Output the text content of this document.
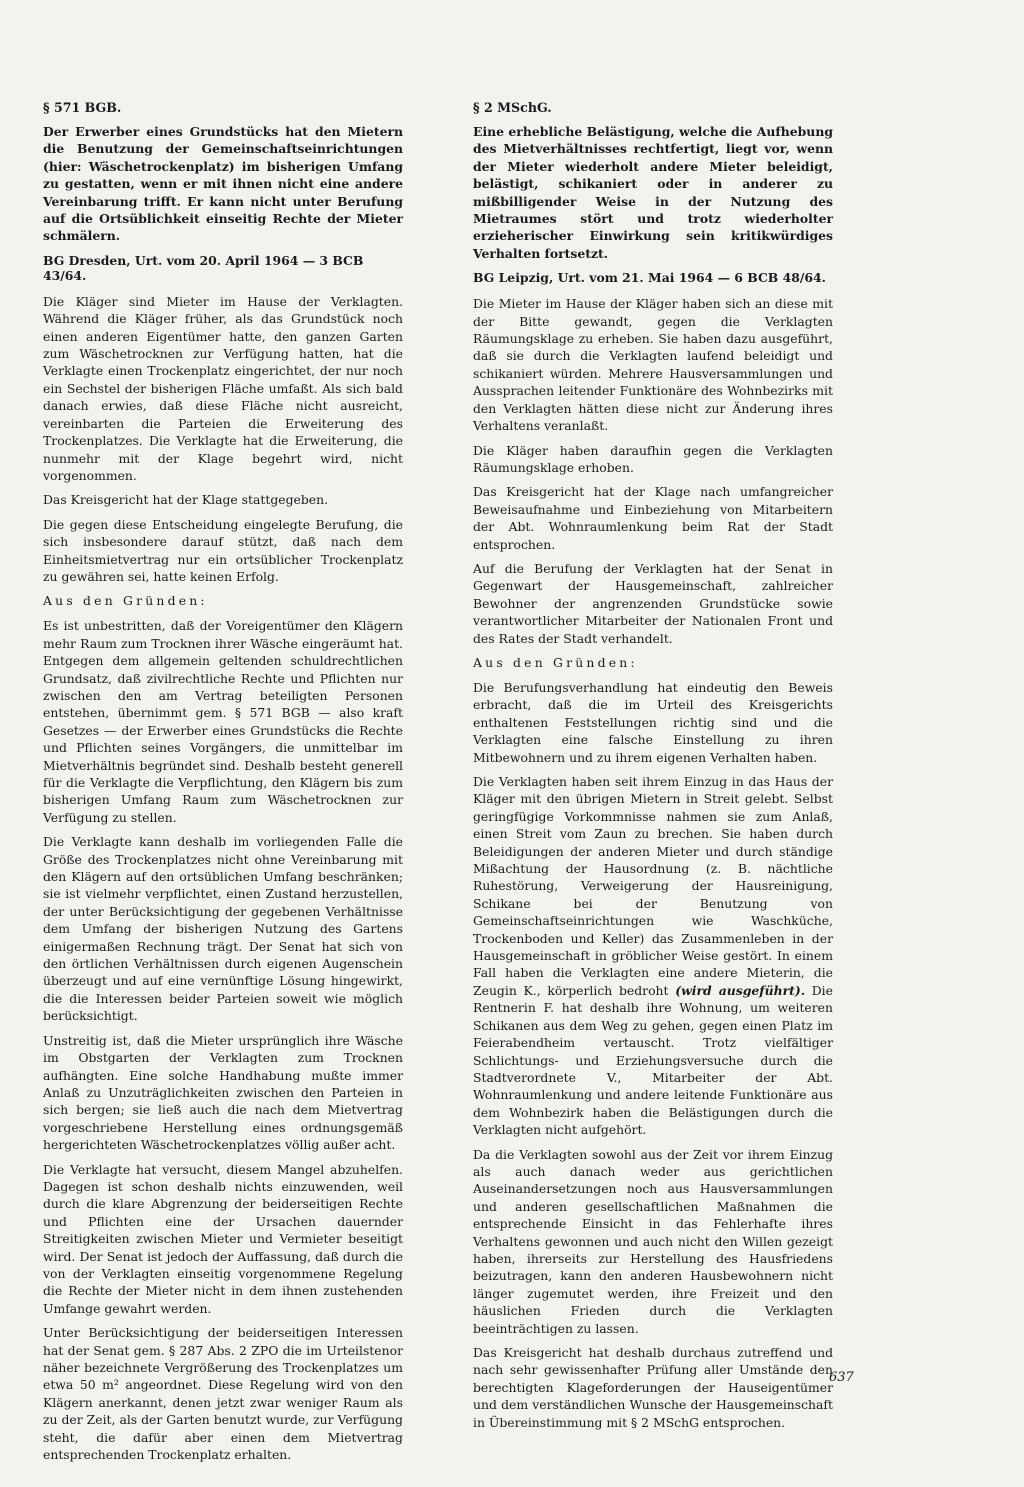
§ 571 BGB.
Der Erwerber eines Grundstücks hat den Mietern die Benutzung der Gemeinschaftseinrichtungen (hier: Wäschetrockenplatz) im bisherigen Umfang zu gestatten, wenn er mit ihnen nicht eine andere Vereinbarung trifft. Er kann nicht unter Berufung auf die Ortsüblichkeit einseitig Rechte der Mieter schmälern.
BG Dresden, Urt. vom 20. April 1964 — 3 BCB 43/64.

Die Kläger sind Mieter im Hause der Verklagten. Während die Kläger früher, als das Grundstück noch einen anderen Eigentümer hatte, den ganzen Garten zum Wäschetrocknen zur Verfügung hatten, hat die Verklagte einen Trockenplatz eingerichtet, der nur noch ein Sechstel der bisherigen Fläche umfaßt. Als sich bald danach erwies, daß diese Fläche nicht ausreicht, vereinbarten die Parteien die Erweiterung des Trockenplatzes. Die Verklagte hat die Erweiterung, die nunmehr mit der Klage begehrt wird, nicht vorgenommen.

Das Kreisgericht hat der Klage stattgegeben.

Die gegen diese Entscheidung eingelegte Berufung, die sich insbesondere darauf stützt, daß nach dem Einheitsmietvertrag nur ein ortsüblicher Trockenplatz zu gewähren sei, hatte keinen Erfolg.

Aus den Gründen:

Es ist unbestritten, daß der Voreigentümer den Klägern mehr Raum zum Trocknen ihrer Wäsche eingeräumt hat. Entgegen dem allgemein geltenden schuldrechtlichen Grundsatz, daß zivilrechtliche Rechte und Pflichten nur zwischen den am Vertrag beteiligten Personen entstehen, übernimmt gem. § 571 BGB — also kraft Gesetzes — der Erwerber eines Grundstücks die Rechte und Pflichten seines Vorgängers, die unmittelbar im Mietverhältnis begründet sind. Deshalb besteht generell für die Verklagte die Verpflichtung, den Klägern bis zum bisherigen Umfang Raum zum Wäschetrocknen zur Verfügung zu stellen.

Die Verklagte kann deshalb im vorliegenden Falle die Größe des Trockenplatzes nicht ohne Vereinbarung mit den Klägern auf den ortsüblichen Umfang beschränken; sie ist vielmehr verpflichtet, einen Zustand herzustellen, der unter Berücksichtigung der gegebenen Verhältnisse dem Umfang der bisherigen Nutzung des Gartens einigermaßen Rechnung trägt. Der Senat hat sich von den örtlichen Verhältnissen durch eigenen Augenschein überzeugt und auf eine vernünftige Lösung hingewirkt, die die Interessen beider Parteien soweit wie möglich berücksichtigt.

Unstreitig ist, daß die Mieter ursprünglich ihre Wäsche im Obstgarten der Verklagten zum Trocknen aufhängten. Eine solche Handhabung mußte immer Anlaß zu Unzuträglichkeiten zwischen den Parteien in sich bergen; sie ließ auch die nach dem Mietvertrag vorgeschriebene Herstellung eines ordnungsgemäß hergerichteten Wäschetrockenplatzes völlig außer acht.

Die Verklagte hat versucht, diesem Mangel abzuhelfen. Dagegen ist schon deshalb nichts einzuwenden, weil durch die klare Abgrenzung der beiderseitigen Rechte und Pflichten eine der Ursachen dauernder Streitigkeiten zwischen Mieter und Vermieter beseitigt wird. Der Senat ist jedoch der Auffassung, daß durch die von der Verklagten einseitig vorgenommene Regelung die Rechte der Mieter nicht in dem ihnen zustehenden Umfange gewahrt werden.

Unter Berücksichtigung der beiderseitigen Interessen hat der Senat gem. § 287 Abs. 2 ZPO die im Urteilstenor näher bezeichnete Vergrößerung des Trockenplatzes um etwa 50 m² angeordnet. Diese Regelung wird von den Klägern anerkannt, denen jetzt zwar weniger Raum als zu der Zeit, als der Garten benutzt wurde, zur Verfügung steht, die dafür aber einen dem Mietvertrag entsprechenden Trockenplatz erhalten.

§ 2 MSchG.
Eine erhebliche Belästigung, welche die Aufhebung des Mietverhältnisses rechtfertigt, liegt vor, wenn der Mieter wiederholt andere Mieter beleidigt, belästigt, schikaniert oder in anderer zu mißbilligender Weise in der Nutzung des Mietraumes stört und trotz wiederholter erzieherischer Einwirkung sein kritikwürdiges Verhalten fortsetzt.
BG Leipzig, Urt. vom 21. Mai 1964 — 6 BCB 48/64.

Die Mieter im Hause der Kläger haben sich an diese mit der Bitte gewandt, gegen die Verklagten Räumungsklage zu erheben. Sie haben dazu ausgeführt, daß sie durch die Verklagten laufend beleidigt und schikaniert würden. Mehrere Hausversammlungen und Aussprachen leitender Funktionäre des Wohnbezirks mit den Verklagten hätten diese nicht zur Änderung ihres Verhaltens veranlaßt.

Die Kläger haben daraufhin gegen die Verklagten Räumungsklage erhoben.

Das Kreisgericht hat der Klage nach umfangreicher Beweisaufnahme und Einbeziehung von Mitarbeitern der Abt. Wohnraumlenkung beim Rat der Stadt entsprochen.

Auf die Berufung der Verklagten hat der Senat in Gegenwart der Hausgemeinschaft, zahlreicher Bewohner der angrenzenden Grundstücke sowie verantwortlicher Mitarbeiter der Nationalen Front und des Rates der Stadt verhandelt.

Aus den Gründen:

Die Berufungsverhandlung hat eindeutig den Beweis erbracht, daß die im Urteil des Kreisgerichts enthaltenen Feststellungen richtig sind und die Verklagten eine falsche Einstellung zu ihren Mitbewohnern und zu ihrem eigenen Verhalten haben.

Die Verklagten haben seit ihrem Einzug in das Haus der Kläger mit den übrigen Mietern in Streit gelebt. Selbst geringfügige Vorkommnisse nahmen sie zum Anlaß, einen Streit vom Zaun zu brechen. Sie haben durch Beleidigungen der anderen Mieter und durch ständige Mißachtung der Hausordnung (z. B. nächtliche Ruhestörung, Verweigerung der Hausreinigung, Schikane bei der Benutzung von Gemeinschaftseinrichtungen wie Waschküche, Trockenboden und Keller) das Zusammenleben in der Hausgemeinschaft in gröblicher Weise gestört. In einem Fall haben die Verklagten eine andere Mieterin, die Zeugin K., körperlich bedroht (wird ausgeführt). Die Rentnerin F. hat deshalb ihre Wohnung, um weiteren Schikanen aus dem Weg zu gehen, gegen einen Platz im Feierabendheim vertauscht. Trotz vielfältiger Schlichtungs- und Erziehungsversuche durch die Stadtverordnete V., Mitarbeiter der Abt. Wohnraumlenkung und andere leitende Funktionäre aus dem Wohnbezirk haben die Belästigungen durch die Verklagten nicht aufgehört.

Da die Verklagten sowohl aus der Zeit vor ihrem Einzug als auch danach weder aus gerichtlichen Auseinandersetzungen noch aus Hausversammlungen und anderen gesellschaftlichen Maßnahmen die entsprechende Einsicht in das Fehlerhafte ihres Verhaltens gewonnen und auch nicht den Willen gezeigt haben, ihrerseits zur Herstellung des Hausfriedens beizutragen, kann den anderen Hausbewohnern nicht länger zugemutet werden, ihre Freizeit und den häuslichen Frieden durch die Verklagten beeinträchtigen zu lassen.

Das Kreisgericht hat deshalb durchaus zutreffend und nach sehr gewissenhafter Prüfung aller Umstände den berechtigten Klageforderungen der Hauseigentümer und dem verständlichen Wunsche der Hausgemeinschaft in Übereinstimmung mit § 2 MSchG entsprochen.

637
